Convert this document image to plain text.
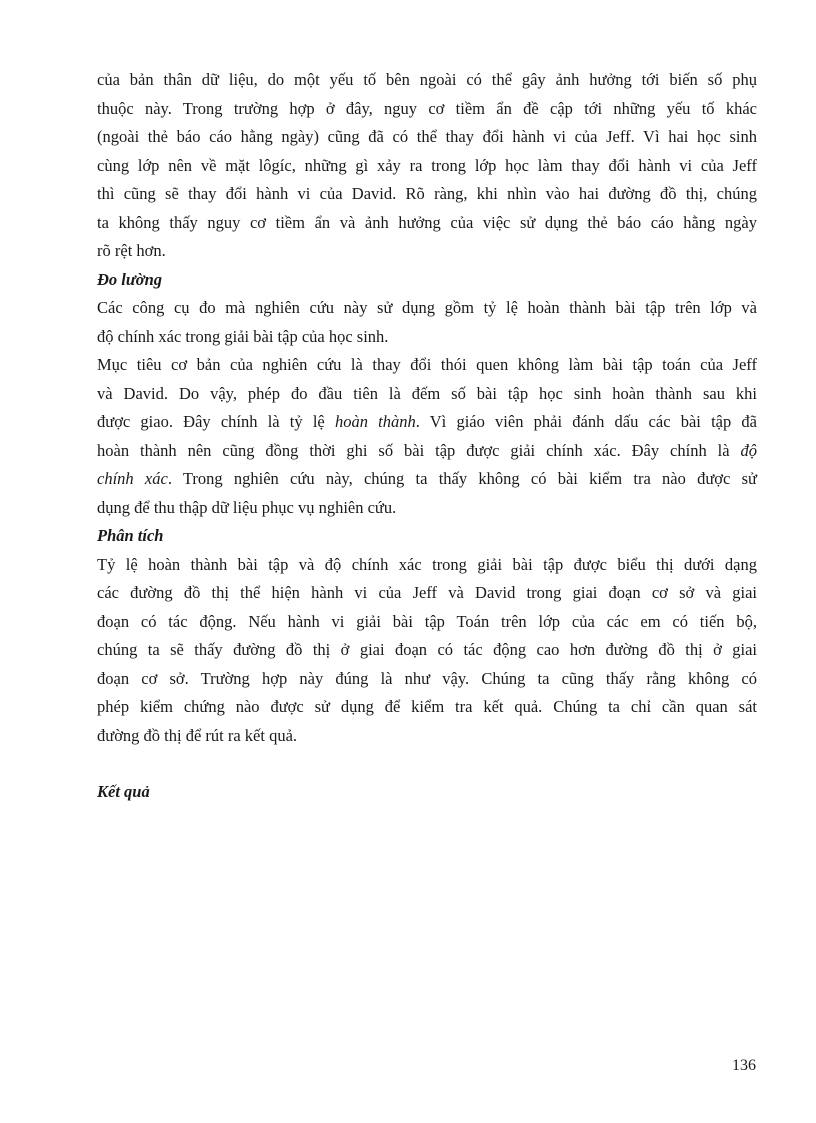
của bản thân dữ liệu, do một yếu tố bên ngoài có thể gây ảnh hưởng tới biến số phụ
thuộc này. Trong trường hợp ở đây, nguy cơ tiềm ẩn đề cập tới những yếu tố khác
(ngoài thẻ báo cáo hằng ngày) cũng đã có thể thay đổi hành vi của Jeff. Vì hai học sinh
cùng lớp nên về mặt lôgíc, những gì xảy ra trong lớp học làm thay đổi hành vi của Jeff
thì cũng sẽ thay đổi hành vi của David. Rõ ràng, khi nhìn vào hai đường đồ thị, chúng
ta không thấy nguy cơ tiềm ẩn và ảnh hưởng của việc sử dụng thẻ báo cáo hằng ngày
rõ rệt hơn.
Đo lường
Các công cụ đo mà nghiên cứu này sử dụng gồm tỷ lệ hoàn thành bài tập trên lớp và
độ chính xác trong giải bài tập của học sinh.
Mục tiêu cơ bản của nghiên cứu là thay đổi thói quen không làm bài tập toán của Jeff
và David. Do vậy, phép đo đầu tiên là đếm số bài tập học sinh hoàn thành sau khi
được giao. Đây chính là tỷ lệ hoàn thành. Vì giáo viên phải đánh dấu các bài tập đã
hoàn thành nên cũng đồng thời ghi số bài tập được giải chính xác. Đây chính là độ
chính xác. Trong nghiên cứu này, chúng ta thấy không có bài kiểm tra nào được sử
dụng để thu thập dữ liệu phục vụ nghiên cứu.
Phân tích
Tỷ lệ hoàn thành bài tập và độ chính xác trong giải bài tập được biểu thị dưới dạng
các đường đồ thị thể hiện hành vi của Jeff và David trong giai đoạn cơ sở và giai
đoạn có tác động. Nếu hành vi giải bài tập Toán trên lớp của các em có tiến bộ,
chúng ta sẽ thấy đường đồ thị ở giai đoạn có tác động cao hơn đường đồ thị ở giai
đoạn cơ sở. Trường hợp này đúng là như vậy. Chúng ta cũng thấy rằng không có
phép kiểm chứng nào được sử dụng để kiểm tra kết quả. Chúng ta chỉ cần quan sát
đường đồ thị để rút ra kết quả.
Kết quả
136
